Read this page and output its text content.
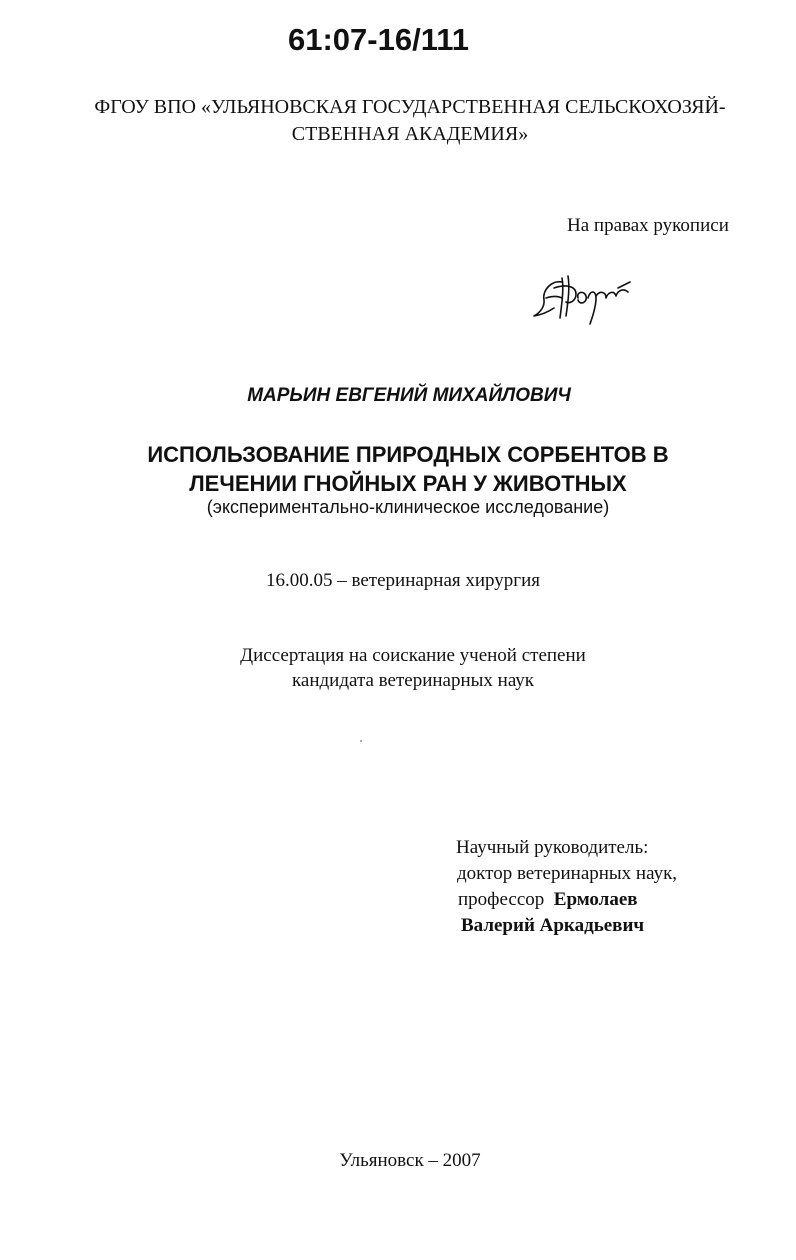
61:07-16/111
ФГОУ ВПО «УЛЬЯНОВСКАЯ ГОСУДАРСТВЕННАЯ СЕЛЬСКОХОЗЯЙ-
СТВЕННАЯ АКАДЕМИЯ»
На правах рукописи
МАРЬИН ЕВГЕНИЙ МИХАЙЛОВИЧ
ИСПОЛЬЗОВАНИЕ ПРИРОДНЫХ СОРБЕНТОВ В
ЛЕЧЕНИИ ГНОЙНЫХ РАН У ЖИВОТНЫХ
(экспериментально-клиническое исследование)
16.00.05 – ветеринарная хирургия
Диссертация на соискание ученой степени
кандидата ветеринарных наук
Научный руководитель:
доктор ветеринарных наук,
профессор Ермолаев
Валерий Аркадьевич
Ульяновск – 2007
